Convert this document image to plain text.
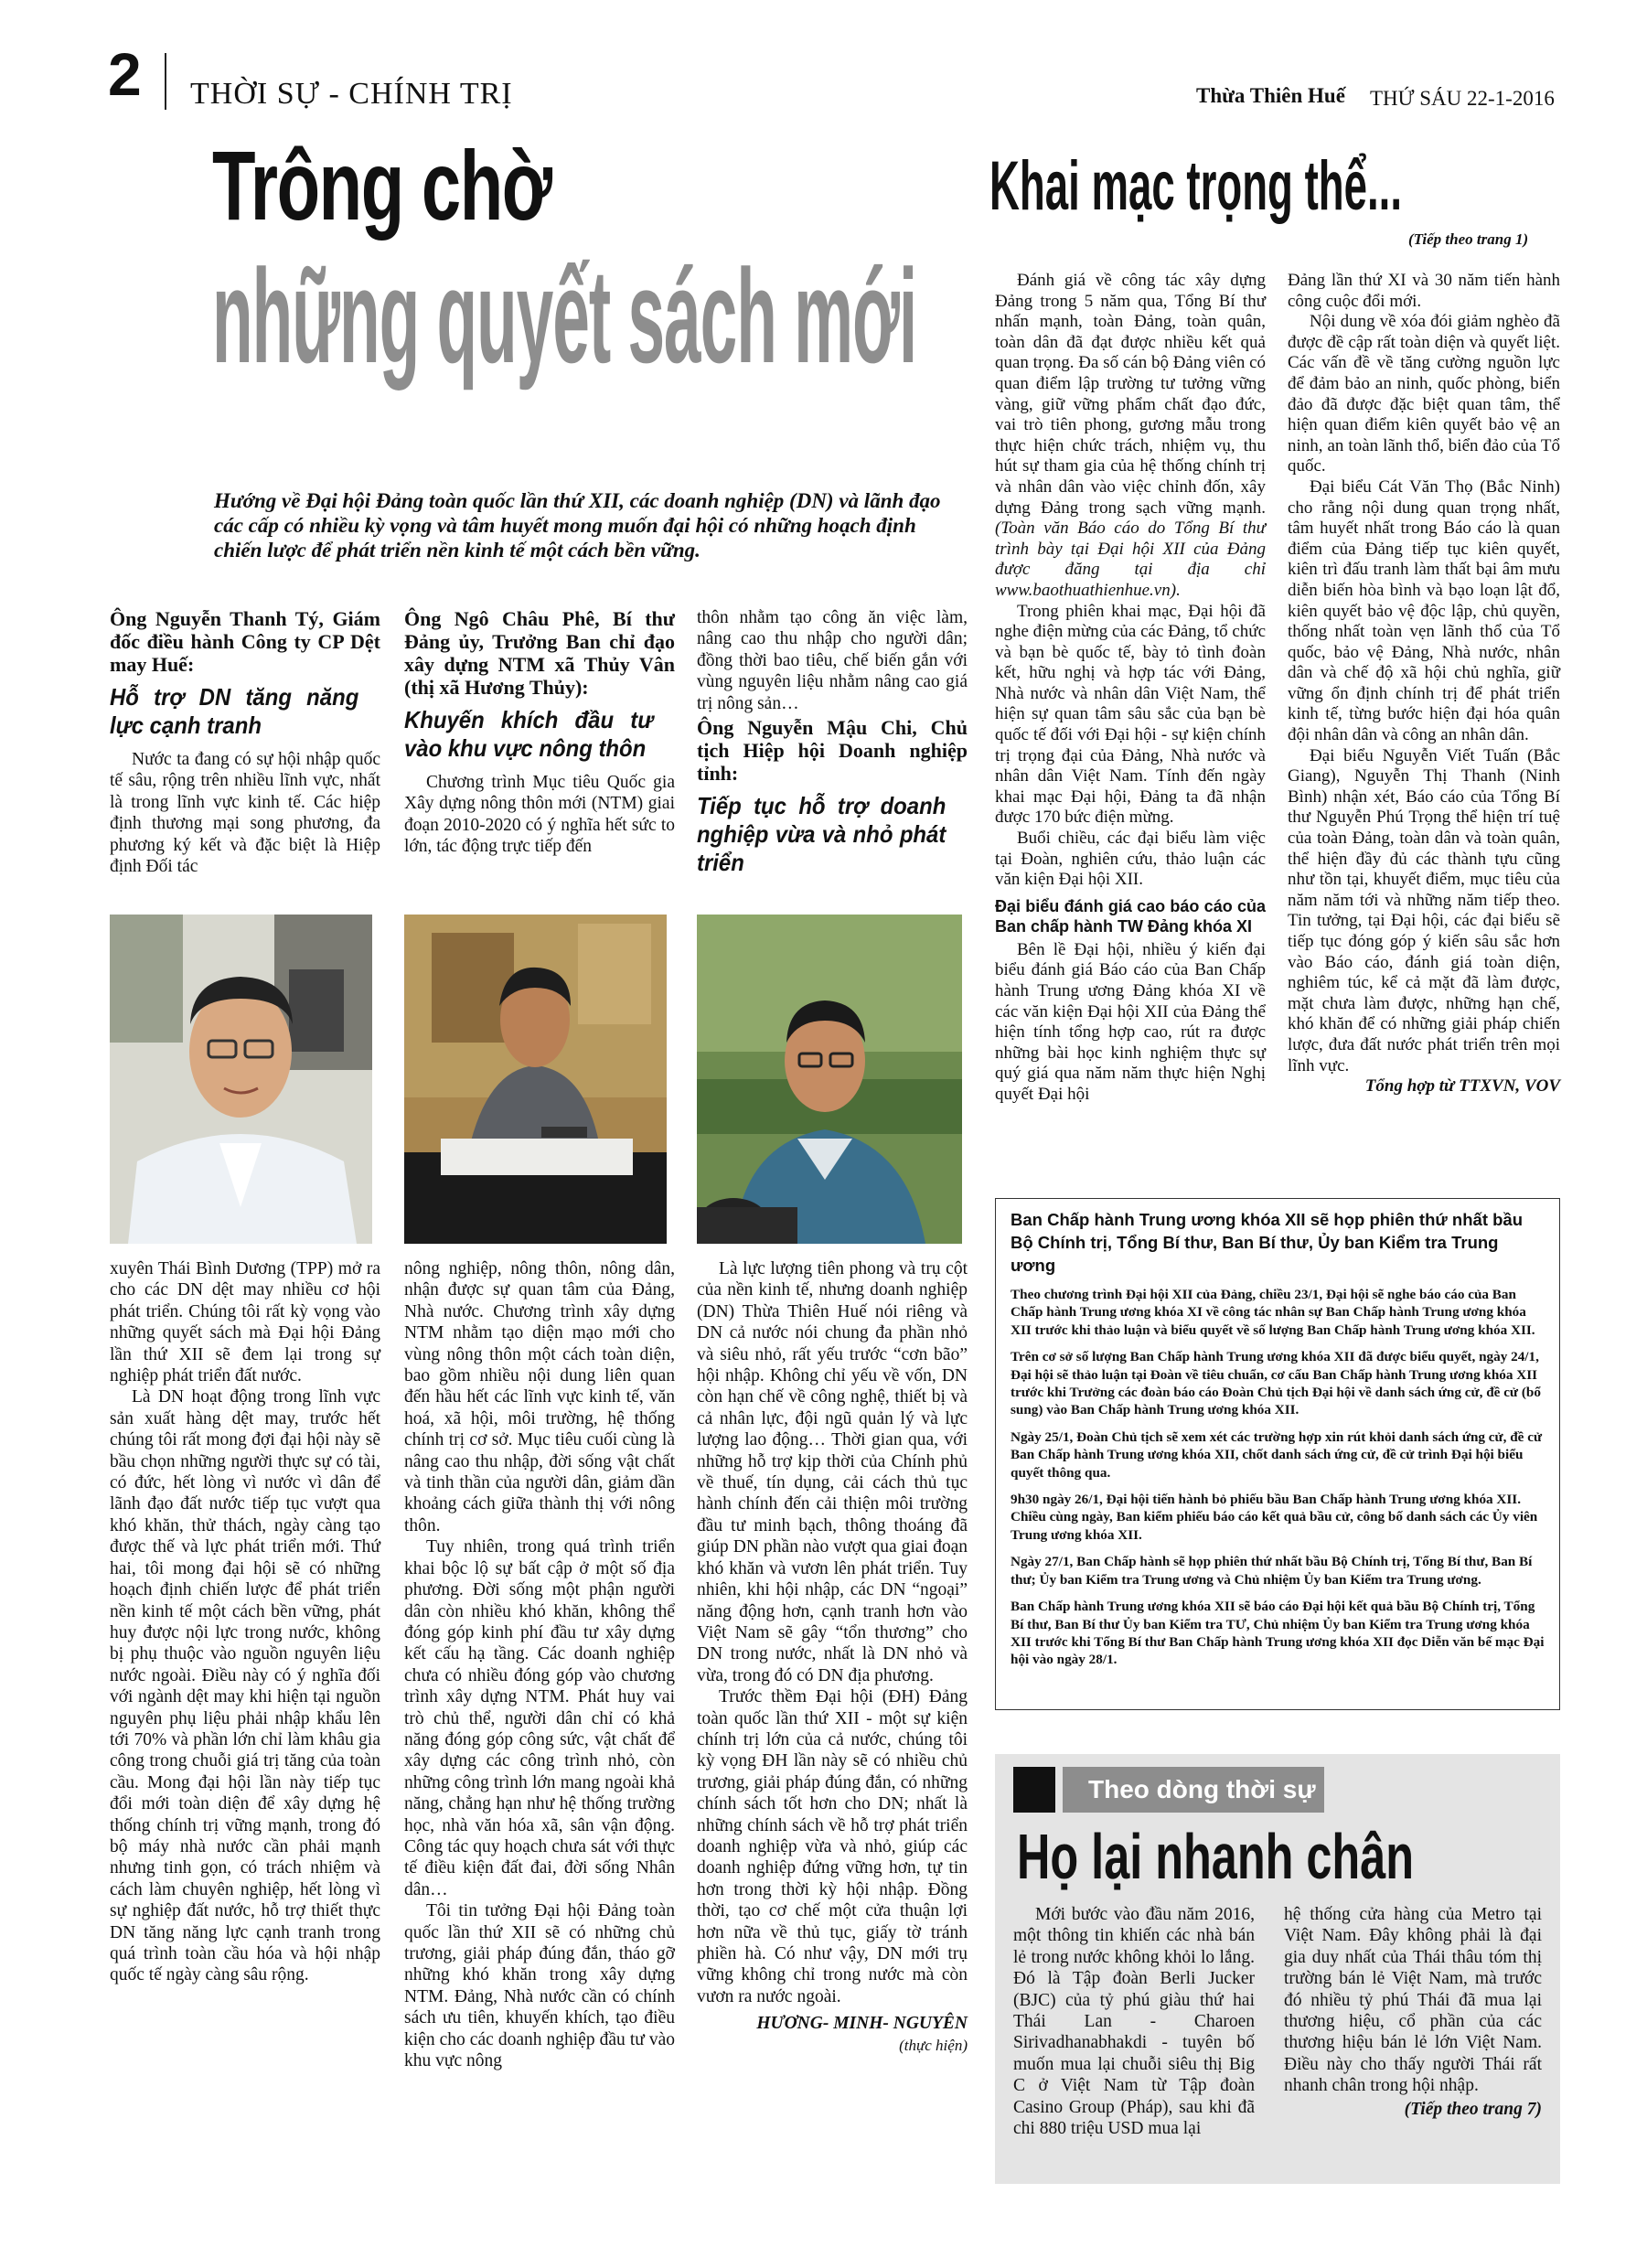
2 THỜI SỰ - CHÍNH TRỊ	Thừa Thiên Huế THỨ SÁU 22-1-2016
Trông chờ
những quyết sách mới
Hướng về Đại hội Đảng toàn quốc lần thứ XII, các doanh nghiệp (DN) và lãnh đạo các cấp có nhiều kỳ vọng và tâm huyết mong muốn đại hội có những hoạch định chiến lược để phát triển nền kinh tế một cách bền vững.
Khai mạc trọng thể...
(Tiếp theo trang 1)
Ông Nguyễn Thanh Tý, Giám đốc điều hành Công ty CP Dệt may Huế:
Hỗ trợ DN tăng năng lực cạnh tranh

Nước ta đang có sự hội nhập quốc tế sâu, rộng trên nhiều lĩnh vực, nhất là trong lĩnh vực kinh tế. Các hiệp định thương mại song phương, đa phương ký kết và đặc biệt là Hiệp định Đối tác

xuyên Thái Bình Dương (TPP) mở ra cho các DN dệt may nhiều cơ hội phát triển. Chúng tôi rất kỳ vọng vào những quyết sách mà Đại hội Đảng lần thứ XII sẽ đem lại trong sự nghiệp phát triển đất nước.

Là DN hoạt động trong lĩnh vực sản xuất hàng dệt may, trước hết chúng tôi rất mong đợi đại hội này sẽ bầu chọn những người thực sự có tài, có đức, hết lòng vì nước vì dân để lãnh đạo đất nước tiếp tục vượt qua khó khăn, thử thách, ngày càng tạo được thế và lực phát triển mới. Thứ hai, tôi mong đại hội sẽ có những hoạch định chiến lược để phát triển nền kinh tế một cách bền vững, phát huy được nội lực trong nước, không bị phụ thuộc vào nguồn nguyên liệu nước ngoài. Điều này có ý nghĩa đối với ngành dệt may khi hiện tại nguồn nguyên phụ liệu phải nhập khẩu lên tới 70% và phần lớn chỉ làm khâu gia công trong chuỗi giá trị tăng của toàn cầu. Mong đại hội lần này tiếp tục đổi mới toàn diện để xây dựng hệ thống chính trị vững mạnh, trong đó bộ máy nhà nước cần phải mạnh nhưng tinh gọn, có trách nhiệm và cách làm chuyên nghiệp, hết lòng vì sự nghiệp đất nước, hỗ trợ thiết thực DN tăng năng lực cạnh tranh trong quá trình toàn cầu hóa và hội nhập quốc tế ngày càng sâu rộng.

Ông Ngô Châu Phê, Bí thư Đảng ủy, Trưởng Ban chỉ đạo xây dựng NTM xã Thủy Vân (thị xã Hương Thủy):
Khuyến khích đầu tư vào khu vực nông thôn

Chương trình Mục tiêu Quốc gia Xây dựng nông thôn mới (NTM) giai đoạn 2010-2020 có ý nghĩa hết sức to lớn, tác động trực tiếp đến

nông nghiệp, nông thôn, nông dân, nhận được sự quan tâm của Đảng, Nhà nước. Chương trình xây dựng NTM nhằm tạo diện mạo mới cho vùng nông thôn một cách toàn diện, bao gồm nhiều nội dung liên quan đến hầu hết các lĩnh vực kinh tế, văn hoá, xã hội, môi trường, hệ thống chính trị cơ sở. Mục tiêu cuối cùng là nâng cao thu nhập, đời sống vật chất và tinh thần của người dân, giảm dần khoảng cách giữa thành thị với nông thôn.

Tuy nhiên, trong quá trình triển khai bộc lộ sự bất cập ở một số địa phương. Đời sống một phận người dân còn nhiều khó khăn, không thể đóng góp kinh phí đầu tư xây dựng kết cấu hạ tầng. Các doanh nghiệp chưa có nhiều đóng góp vào chương trình xây dựng NTM. Phát huy vai trò chủ thể, người dân chỉ có khả năng đóng góp công sức, vật chất để xây dựng các công trình nhỏ, còn những công trình lớn mang ngoài khả năng, chẳng hạn như hệ thống trường học, nhà văn hóa xã, sân vận động. Công tác quy hoạch chưa sát với thực tế điều kiện đất đai, đời sống Nhân dân…

Tôi tin tưởng Đại hội Đảng toàn quốc lần thứ XII sẽ có những chủ trương, giải pháp đúng đắn, tháo gỡ những khó khăn trong xây dựng NTM. Đảng, Nhà nước cần có chính sách ưu tiên, khuyến khích, tạo điều kiện cho các doanh nghiệp đầu tư vào khu vực nông

thôn nhằm tạo công ăn việc làm, nâng cao thu nhập cho người dân; đồng thời bao tiêu, chế biến gắn với vùng nguyên liệu nhằm nâng cao giá trị nông sản…

Ông Nguyễn Mậu Chi, Chủ tịch Hiệp hội Doanh nghiệp tỉnh:
Tiếp tục hỗ trợ doanh nghiệp vừa và nhỏ phát triển

Là lực lượng tiên phong và trụ cột của nền kinh tế, nhưng doanh nghiệp (DN) Thừa Thiên Huế nói riêng và DN cả nước nói chung đa phần nhỏ và siêu nhỏ, rất yếu trước “cơn bão” hội nhập. Không chỉ yếu về vốn, DN còn hạn chế về công nghệ, thiết bị và cả nhân lực, đội ngũ quản lý và lực lượng lao động… Thời gian qua, với những hỗ trợ kịp thời của Chính phủ về thuế, tín dụng, cải cách thủ tục hành chính đến cải thiện môi trường đầu tư minh bạch, thông thoáng đã giúp DN phần nào vượt qua giai đoạn khó khăn và vươn lên phát triển. Tuy nhiên, khi hội nhập, các DN “ngoại” năng động hơn, cạnh tranh hơn vào Việt Nam sẽ gây “tổn thương” cho DN trong nước, nhất là DN nhỏ và vừa, trong đó có DN địa phương.

Trước thềm Đại hội (ĐH) Đảng toàn quốc lần thứ XII - một sự kiện chính trị lớn của cả nước, chúng tôi kỳ vọng ĐH lần này sẽ có nhiều chủ trương, giải pháp đúng đắn, có những chính sách tốt hơn cho DN; nhất là những chính sách về hỗ trợ phát triển doanh nghiệp vừa và nhỏ, giúp các doanh nghiệp đứng vững hơn, tự tin hơn trong thời kỳ hội nhập. Đồng thời, tạo cơ chế một cửa thuận lợi hơn nữa về thủ tục, giấy tờ tránh phiền hà. Có như vậy, DN mới trụ vững không chỉ trong nước mà còn vươn ra nước ngoài.

HƯƠNG- MINH- NGUYÊN
(thực hiện)

Đánh giá về công tác xây dựng Đảng trong 5 năm qua, Tổng Bí thư nhấn mạnh, toàn Đảng, toàn quân, toàn dân đã đạt được nhiều kết quả quan trọng. Đa số cán bộ Đảng viên có quan điểm lập trường tư tưởng vững vàng, giữ vững phẩm chất đạo đức, vai trò tiên phong, gương mẫu trong thực hiện chức trách, nhiệm vụ, thu hút sự tham gia của hệ thống chính trị và nhân dân vào việc chỉnh đốn, xây dựng Đảng trong sạch vững mạnh. (Toàn văn Báo cáo do Tổng Bí thư trình bày tại Đại hội XII của Đảng được đăng tại địa chỉ www.baothuathienhue.vn).

Trong phiên khai mạc, Đại hội đã nghe điện mừng của các Đảng, tổ chức và bạn bè quốc tế, bày tỏ tình đoàn kết, hữu nghị và hợp tác với Đảng, Nhà nước và nhân dân Việt Nam, thể hiện sự quan tâm sâu sắc của bạn bè quốc tế đối với Đại hội - sự kiện chính trị trọng đại của Đảng, Nhà nước và nhân dân Việt Nam. Tính đến ngày khai mạc Đại hội, Đảng ta đã nhận được 170 bức điện mừng.

Buổi chiều, các đại biểu làm việc tại Đoàn, nghiên cứu, thảo luận các văn kiện Đại hội XII.

Đại biểu đánh giá cao báo cáo của Ban chấp hành TW Đảng khóa XI

Bên lề Đại hội, nhiều ý kiến đại biểu đánh giá Báo cáo của Ban Chấp hành Trung ương Đảng khóa XI về các văn kiện Đại hội XII của Đảng thể hiện tính tổng hợp cao, rút ra được những bài học kinh nghiệm thực sự quý giá qua năm năm thực hiện Nghị quyết Đại hội

Đảng lần thứ XI và 30 năm tiến hành công cuộc đổi mới.

Nội dung về xóa đói giảm nghèo đã được đề cập rất toàn diện và quyết liệt. Các vấn đề về tăng cường nguồn lực để đảm bảo an ninh, quốc phòng, biển đảo đã được đặc biệt quan tâm, thể hiện quan điểm kiên quyết bảo vệ an ninh, an toàn lãnh thổ, biển đảo của Tổ quốc.

Đại biểu Cát Văn Thọ (Bắc Ninh) cho rằng nội dung quan trọng nhất, tâm huyết nhất trong Báo cáo là quan điểm của Đảng tiếp tục kiên quyết, kiên trì đấu tranh làm thất bại âm mưu diễn biến hòa bình và bạo loạn lật đổ, kiên quyết bảo vệ độc lập, chủ quyền, thống nhất toàn vẹn lãnh thổ của Tổ quốc, bảo vệ Đảng, Nhà nước, nhân dân và chế độ xã hội chủ nghĩa, giữ vững ổn định chính trị để phát triển kinh tế, từng bước hiện đại hóa quân đội nhân dân và công an nhân dân.

Đại biểu Nguyễn Viết Tuấn (Bắc Giang), Nguyễn Thị Thanh (Ninh Bình) nhận xét, Báo cáo của Tổng Bí thư Nguyễn Phú Trọng thể hiện trí tuệ của toàn Đảng, toàn dân và toàn quân, thể hiện đầy đủ các thành tựu cũng như tồn tại, khuyết điểm, mục tiêu của năm năm tới và những năm tiếp theo. Tin tưởng, tại Đại hội, các đại biểu sẽ tiếp tục đóng góp ý kiến sâu sắc hơn vào Báo cáo, đánh giá toàn diện, nghiêm túc, kể cả mặt đã làm được, mặt chưa làm được, những hạn chế, khó khăn để có những giải pháp chiến lược, đưa đất nước phát triển trên mọi lĩnh vực.

Tổng hợp từ TTXVN, VOV
Ban Chấp hành Trung ương khóa XII sẽ họp phiên thứ nhất bầu Bộ Chính trị, Tổng Bí thư, Ban Bí thư, Ủy ban Kiểm tra Trung ương

Theo chương trình Đại hội XII của Đảng, chiều 23/1, Đại hội sẽ nghe báo cáo của Ban Chấp hành Trung ương khóa XI về công tác nhân sự Ban Chấp hành Trung ương khóa XII trước khi thảo luận và biểu quyết về số lượng Ban Chấp hành Trung ương khóa XII.

Trên cơ sở số lượng Ban Chấp hành Trung ương khóa XII đã được biểu quyết, ngày 24/1, Đại hội sẽ thảo luận tại Đoàn về tiêu chuẩn, cơ cấu Ban Chấp hành Trung ương khóa XII trước khi Trưởng các đoàn báo cáo Đoàn Chủ tịch Đại hội về danh sách ứng cử, đề cử (bổ sung) vào Ban Chấp hành Trung ương khóa XII.

Ngày 25/1, Đoàn Chủ tịch sẽ xem xét các trường hợp xin rút khỏi danh sách ứng cử, đề cử Ban Chấp hành Trung ương khóa XII, chốt danh sách ứng cử, đề cử trình Đại hội biểu quyết thông qua.

9h30 ngày 26/1, Đại hội tiến hành bỏ phiếu bầu Ban Chấp hành Trung ương khóa XII. Chiều cùng ngày, Ban kiểm phiếu báo cáo kết quả bầu cử, công bố danh sách các Ủy viên Trung ương khóa XII.

Ngày 27/1, Ban Chấp hành sẽ họp phiên thứ nhất bầu Bộ Chính trị, Tổng Bí thư, Ban Bí thư; Ủy ban Kiểm tra Trung ương và Chủ nhiệm Ủy ban Kiểm tra Trung ương.

Ban Chấp hành Trung ương khóa XII sẽ báo cáo Đại hội kết quả bầu Bộ Chính trị, Tổng Bí thư, Ban Bí thư Ủy ban Kiểm tra TƯ, Chủ nhiệm Ủy ban Kiểm tra Trung ương khóa XII trước khi Tổng Bí thư Ban Chấp hành Trung ương khóa XII đọc Diễn văn bế mạc Đại hội vào ngày 28/1.

Theo dòng thời sự
Họ lại nhanh chân

Mới bước vào đầu năm 2016, một thông tin khiến các nhà bán lẻ trong nước không khỏi lo lắng. Đó là Tập đoàn Berli Jucker (BJC) của tỷ phú giàu thứ hai Thái Lan - Charoen Sirivadhanabhakdi - tuyên bố muốn mua lại chuỗi siêu thị Big C ở Việt Nam từ Tập đoàn Casino Group (Pháp), sau khi đã chi 880 triệu USD mua lại

hệ thống cửa hàng của Metro tại Việt Nam. Đây không phải là đại gia duy nhất của Thái thâu tóm thị trường bán lẻ Việt Nam, mà trước đó nhiều tỷ phú Thái đã mua lại thương hiệu, cổ phần của các thương hiệu bán lẻ lớn Việt Nam. Điều này cho thấy người Thái rất nhanh chân trong hội nhập.

(Tiếp theo trang 7)
